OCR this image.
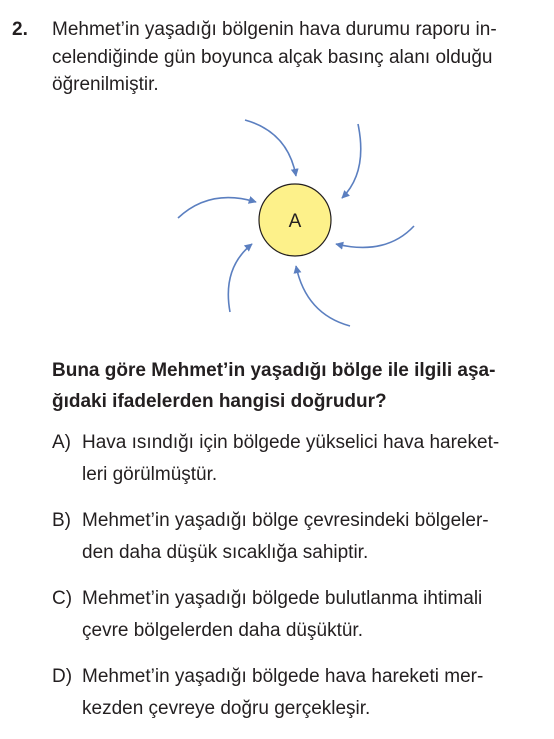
2. Mehmet’in yaşadığı bölgenin hava durumu raporu in-
celendiğinde gün boyunca alçak basınç alanı olduğu
öğrenilmiştir.
A
Buna göre Mehmet’in yaşadığı bölge ile ilgili aşa-
ğıdaki ifadelerden hangisi doğrudur?
A) Hava ısındığı için bölgede yükselici hava hareket-
leri görülmüştür.
B) Mehmet’in yaşadığı bölge çevresindeki bölgeler-
den daha düşük sıcaklığa sahiptir.
C) Mehmet’in yaşadığı bölgede bulutlanma ihtimali
çevre bölgelerden daha düşüktür.
D) Mehmet’in yaşadığı bölgede hava hareketi mer-
kezden çevreye doğru gerçekleşir.
